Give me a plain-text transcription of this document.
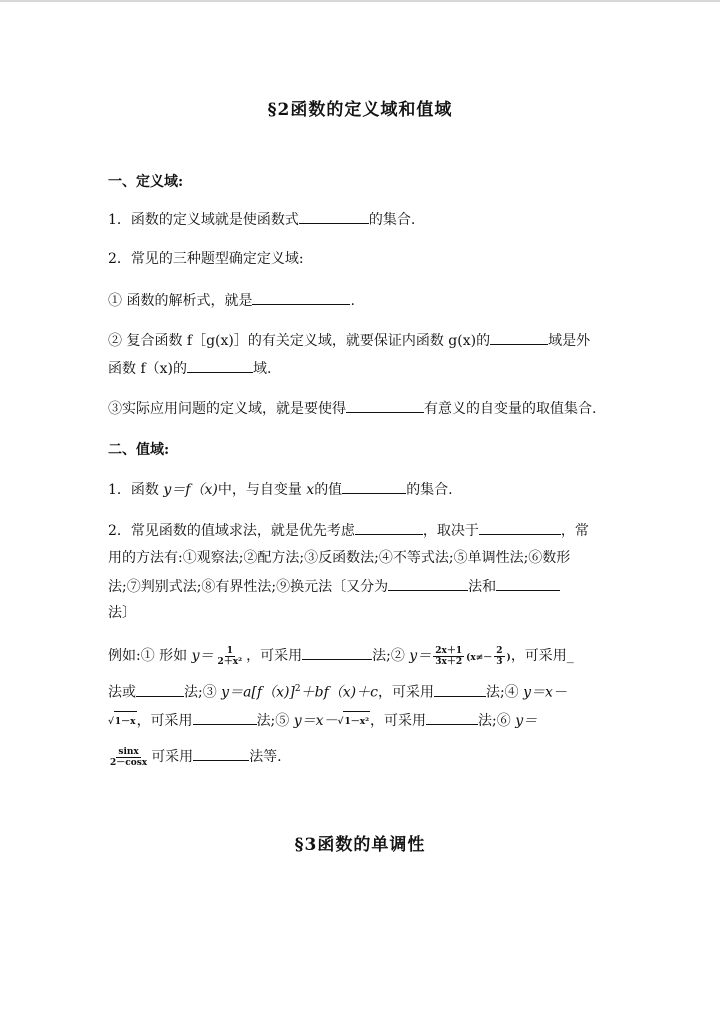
§2函数的定义域和值域
一、定义域:
1．函数的定义域就是使函数式	的集合.
2．常见的三种题型确定定义域:
① 函数的解析式，就是	.
② 复合函数 f［g(x)］的有关定义域，就要保证内函数 g(x)的	域是外
函数 f（x)的	域.
③实际应用问题的定义域，就是要使得	有意义的自变量的取值集合.
二、值域:
1．函数 y＝f（x)中，与自变量 x的值	的集合.
2．常见函数的值域求法，就是优先考虑	，取决于	，常
用的方法有:①观察法;②配方法;③反函数法;④不等式法;⑤单调性法;⑥数形
法;⑦判别式法;⑧有界性法;⑨换元法〔又分为	法和
法〕
例如:① 形如 $y= \frac{1}{\text{2＋x²}}$ ，可采用	法;② $y= \frac{2x+1}{3x+2} (x\ne- \frac{2}{3}$ )，可采用_
法或	法;③ $y=a[f(x)]^2+bf(x)+c$，可采用	法;④ y＝x－
√ 1－x ，可采用	法;⑤ y＝x－ √ 1－x² ，可采用	法;⑥ y＝
$\frac{\sin x}{2-\cos x}$ 可采用	法等.
§3函数的单调性
